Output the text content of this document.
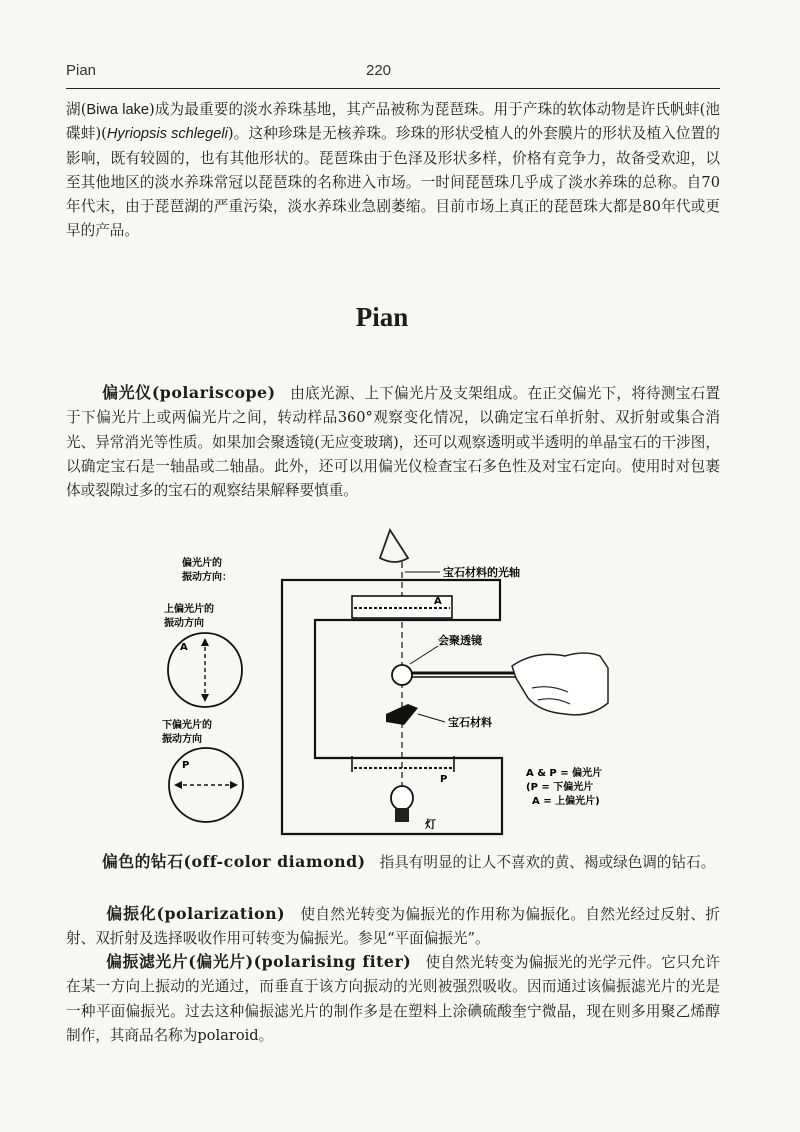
Pian	220

湖(Biwa lake)成为最重要的淡水养珠基地，其产品被称为琵琶珠。用于产珠的软体动物是许氏帆蚌(池碟蚌)(Hyriopsis schlegeli)。这种珍珠是无核养珠。珍珠的形状受植人的外套膜片的形状及植入位置的影响，既有较圆的，也有其他形状的。琵琶珠由于色泽及形状多样，价格有竞争力，故备受欢迎，以至其他地区的淡水养珠常冠以琵琶珠的名称进入市场。一时间琵琶珠几乎成了淡水养珠的总称。自70年代末，由于琵琶湖的严重污染，淡水养珠业急剧萎缩。目前市场上真正的琵琶珠大都是80年代或更早的产品。

Pian

偏光仪(polariscope) 由底光源、上下偏光片及支架组成。在正交偏光下，将待测宝石置于下偏光片上或两偏光片之间，转动样品360°观察变化情况，以确定宝石单折射、双折射或集合消光、异常消光等性质。如果加会聚透镜(无应变玻璃)，还可以观察透明或半透明的单晶宝石的干涉图，以确定宝石是一轴晶或二轴晶。此外，还可以用偏光仪检查宝石多色性及对宝石定向。使用时对包裹体或裂隙过多的宝石的观察结果解释要慎重。

A
P
灯
宝石材料的光轴
会聚透镜
宝石材料
偏光片的振动方向：
上偏光片的振动方向
A
下偏光片的振动方向
P
A & P = 偏光片(P = 下偏光片 A = 上偏光片)

偏色的钻石(off-color diamond) 指具有明显的让人不喜欢的黄、褐或绿色调的钻石。

偏振化(polarization) 使自然光转变为偏振光的作用称为偏振化。自然光经过反射、折射、双折射及选择吸收作用可转变为偏振光。参见“平面偏振光”。

偏振滤光片(偏光片)(polarising fiter) 使自然光转变为偏振光的光学元件。它只允许在某一方向上振动的光通过，而垂直于该方向振动的光则被强烈吸收。因而通过该偏振滤光片的光是一种平面偏振光。过去这种偏振滤光片的制作多是在塑料上涂碘硫酸奎宁微晶，现在则多用聚乙烯醇制作，其商品名称为polaroid。
